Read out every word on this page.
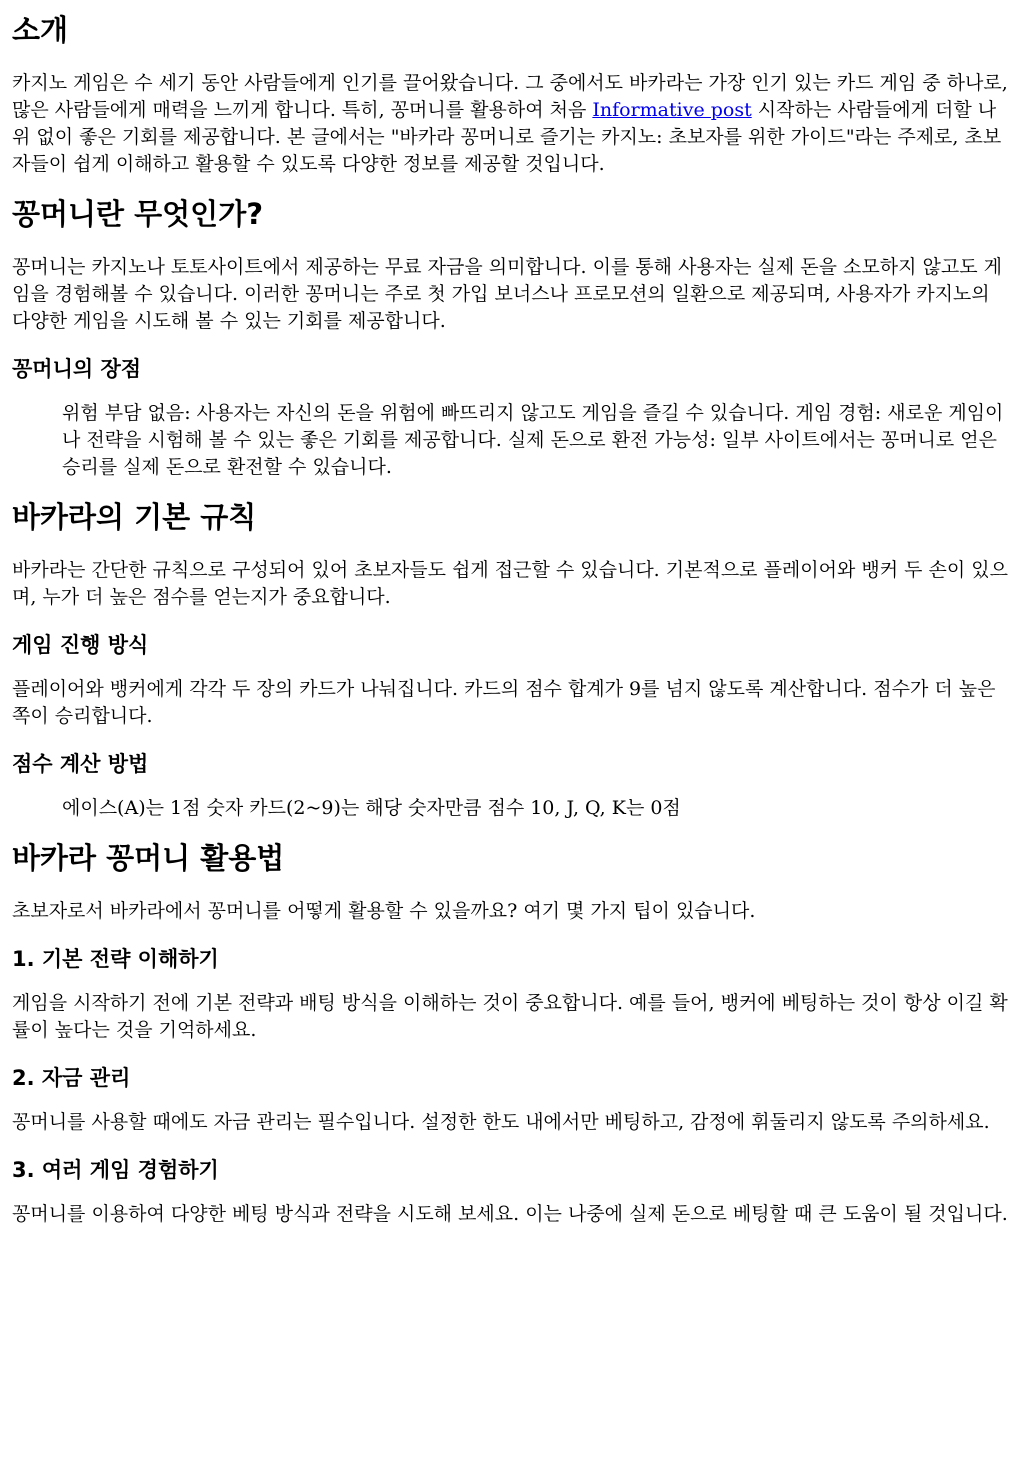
소개

카지노 게임은 수 세기 동안 사람들에게 인기를 끌어왔습니다. 그 중에서도 바카라는 가장 인기 있는 카드 게임 중 하나로, 많은 사람들에게 매력을 느끼게 합니다. 특히, 꽁머니를 활용하여 처음 Informative post 시작하는 사람들에게 더할 나위 없이 좋은 기회를 제공합니다. 본 글에서는 "바카라 꽁머니로 즐기는 카지노: 초보자를 위한 가이드"라는 주제로, 초보자들이 쉽게 이해하고 활용할 수 있도록 다양한 정보를 제공할 것입니다.

꽁머니란 무엇인가?

꽁머니는 카지노나 토토사이트에서 제공하는 무료 자금을 의미합니다. 이를 통해 사용자는 실제 돈을 소모하지 않고도 게임을 경험해볼 수 있습니다. 이러한 꽁머니는 주로 첫 가입 보너스나 프로모션의 일환으로 제공되며, 사용자가 카지노의 다양한 게임을 시도해 볼 수 있는 기회를 제공합니다.

꽁머니의 장점
위험 부담 없음: 사용자는 자신의 돈을 위험에 빠뜨리지 않고도 게임을 즐길 수 있습니다. 게임 경험: 새로운 게임이나 전략을 시험해 볼 수 있는 좋은 기회를 제공합니다. 실제 돈으로 환전 가능성: 일부 사이트에서는 꽁머니로 얻은 승리를 실제 돈으로 환전할 수 있습니다.
바카라의 기본 규칙

바카라는 간단한 규칙으로 구성되어 있어 초보자들도 쉽게 접근할 수 있습니다. 기본적으로 플레이어와 뱅커 두 손이 있으며, 누가 더 높은 점수를 얻는지가 중요합니다.

게임 진행 방식

플레이어와 뱅커에게 각각 두 장의 카드가 나눠집니다. 카드의 점수 합계가 9를 넘지 않도록 계산합니다. 점수가 더 높은 쪽이 승리합니다.

점수 계산 방법
에이스(A)는 1점 숫자 카드(2~9)는 해당 숫자만큼 점수 10, J, Q, K는 0점
바카라 꽁머니 활용법

초보자로서 바카라에서 꽁머니를 어떻게 활용할 수 있을까요? 여기 몇 가지 팁이 있습니다.

1. 기본 전략 이해하기

게임을 시작하기 전에 기본 전략과 배팅 방식을 이해하는 것이 중요합니다. 예를 들어, 뱅커에 베팅하는 것이 항상 이길 확률이 높다는 것을 기억하세요.

2. 자금 관리

꽁머니를 사용할 때에도 자금 관리는 필수입니다. 설정한 한도 내에서만 베팅하고, 감정에 휘둘리지 않도록 주의하세요.

3. 여러 게임 경험하기

꽁머니를 이용하여 다양한 베팅 방식과 전략을 시도해 보세요. 이는 나중에 실제 돈으로 베팅할 때 큰 도움이 될 것입니다.
